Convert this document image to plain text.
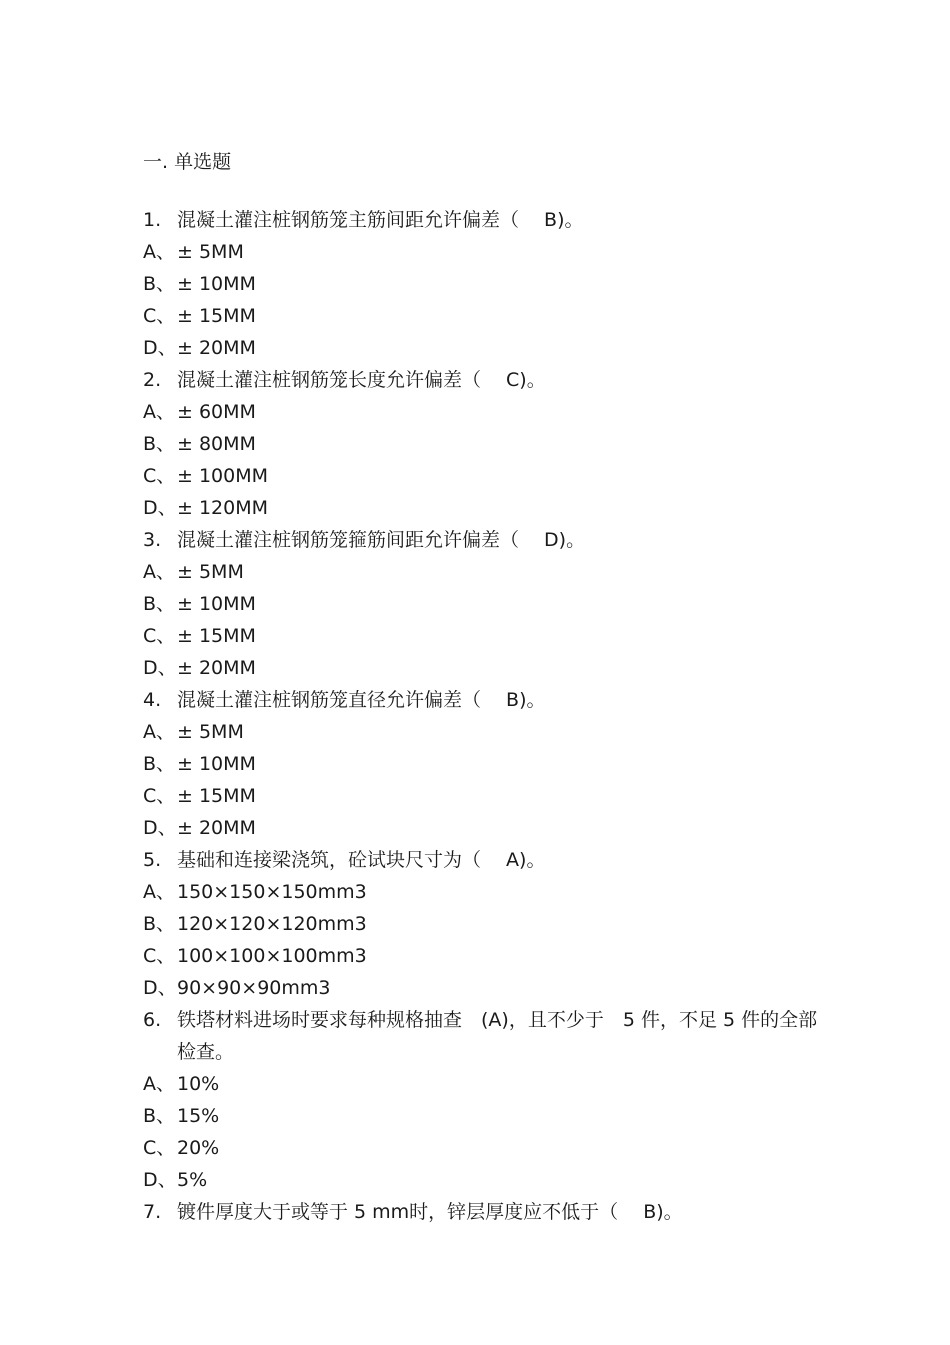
一. 单选题
1. 混凝土灌注桩钢筋笼主筋间距允许偏差（　 B)。
A、 ± 5MM
B、 ± 10MM
C、 ± 15MM
D、 ± 20MM
2. 混凝土灌注桩钢筋笼长度允许偏差（　 C)。
A、 ± 60MM
B、 ± 80MM
C、 ± 100MM
D、 ± 120MM
3. 混凝土灌注桩钢筋笼箍筋间距允许偏差（　 D)。
A、 ± 5MM
B、 ± 10MM
C、 ± 15MM
D、 ± 20MM
4. 混凝土灌注桩钢筋笼直径允许偏差（　 B)。
A、 ± 5MM
B、 ± 10MM
C、 ± 15MM
D、 ± 20MM
5. 基础和连接梁浇筑，砼试块尺寸为（　 A)。
A、 150×150×150mm3
B、 120×120×120mm3
C、 100×100×100mm3
D、 90×90×90mm3
6. 铁塔材料进场时要求每种规格抽查　(A)，且不少于　5 件，不足 5 件的全部检查。
A、 10%
B、 15%
C、 20%
D、 5%
7. 镀件厚度大于或等于 5 mm时，锌层厚度应不低于（　 B)。
